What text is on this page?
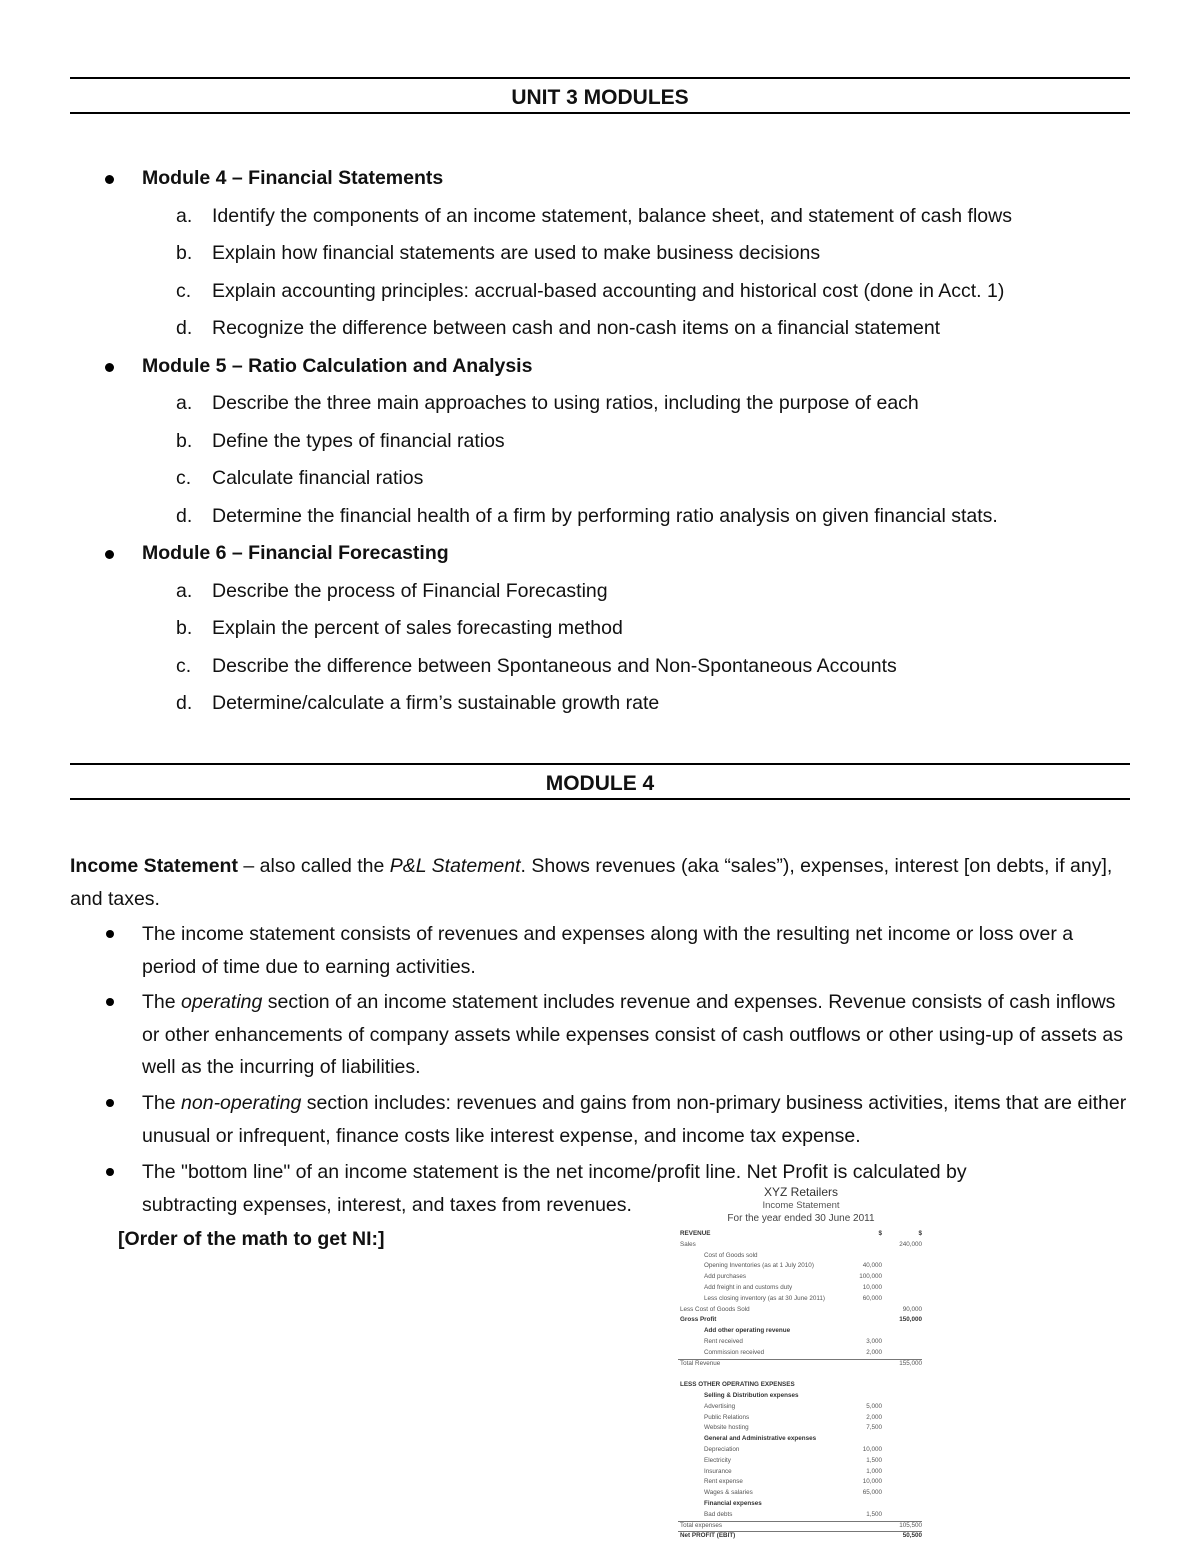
UNIT 3 MODULES
Module 4 – Financial Statements
a. Identify the components of an income statement, balance sheet, and statement of cash flows
b. Explain how financial statements are used to make business decisions
c. Explain accounting principles: accrual-based accounting and historical cost (done in Acct. 1)
d. Recognize the difference between cash and non-cash items on a financial statement
Module 5 – Ratio Calculation and Analysis
a. Describe the three main approaches to using ratios, including the purpose of each
b. Define the types of financial ratios
c. Calculate financial ratios
d. Determine the financial health of a firm by performing ratio analysis on given financial stats.
Module 6 – Financial Forecasting
a. Describe the process of Financial Forecasting
b. Explain the percent of sales forecasting method
c. Describe the difference between Spontaneous and Non-Spontaneous Accounts
d. Determine/calculate a firm’s sustainable growth rate
MODULE 4
Income Statement – also called the P&L Statement. Shows revenues (aka “sales”), expenses, interest [on debts, if any], and taxes.
The income statement consists of revenues and expenses along with the resulting net income or loss over a period of time due to earning activities.
The operating section of an income statement includes revenue and expenses. Revenue consists of cash inflows or other enhancements of company assets while expenses consist of cash outflows or other using-up of assets as well as the incurring of liabilities.
The non-operating section includes: revenues and gains from non-primary business activities, items that are either unusual or infrequent, finance costs like interest expense, and income tax expense.
The "bottom line" of an income statement is the net income/profit line. Net Profit is calculated by
subtracting expenses, interest, and taxes from revenues.
[Order of the math to get NI:]
XYZ Retailers
Income Statement
For the year ended 30 June 2011
REVENUE	$	$
Sales	240,000
Cost of Goods sold
Opening Inventories (as at 1 July 2010)	40,000
Add purchases	100,000
Add freight in and customs duty	10,000
Less closing inventory (as at 30 June 2011)	60,000
Less Cost of Goods Sold	90,000
Gross Profit	150,000
Add other operating revenue
Rent received	3,000
Commission received	2,000
Total Revenue	155,000
LESS OTHER OPERATING EXPENSES
Selling & Distribution expenses
Advertising	5,000
Public Relations	2,000
Website hosting	7,500
General and Administrative expenses
Depreciation	10,000
Electricity	1,500
Insurance	1,000
Rent expense	10,000
Wages & salaries	65,000
Financial expenses
Bad debts	1,500
Total expenses	105,500
Net PROFIT (EBIT)	50,500
